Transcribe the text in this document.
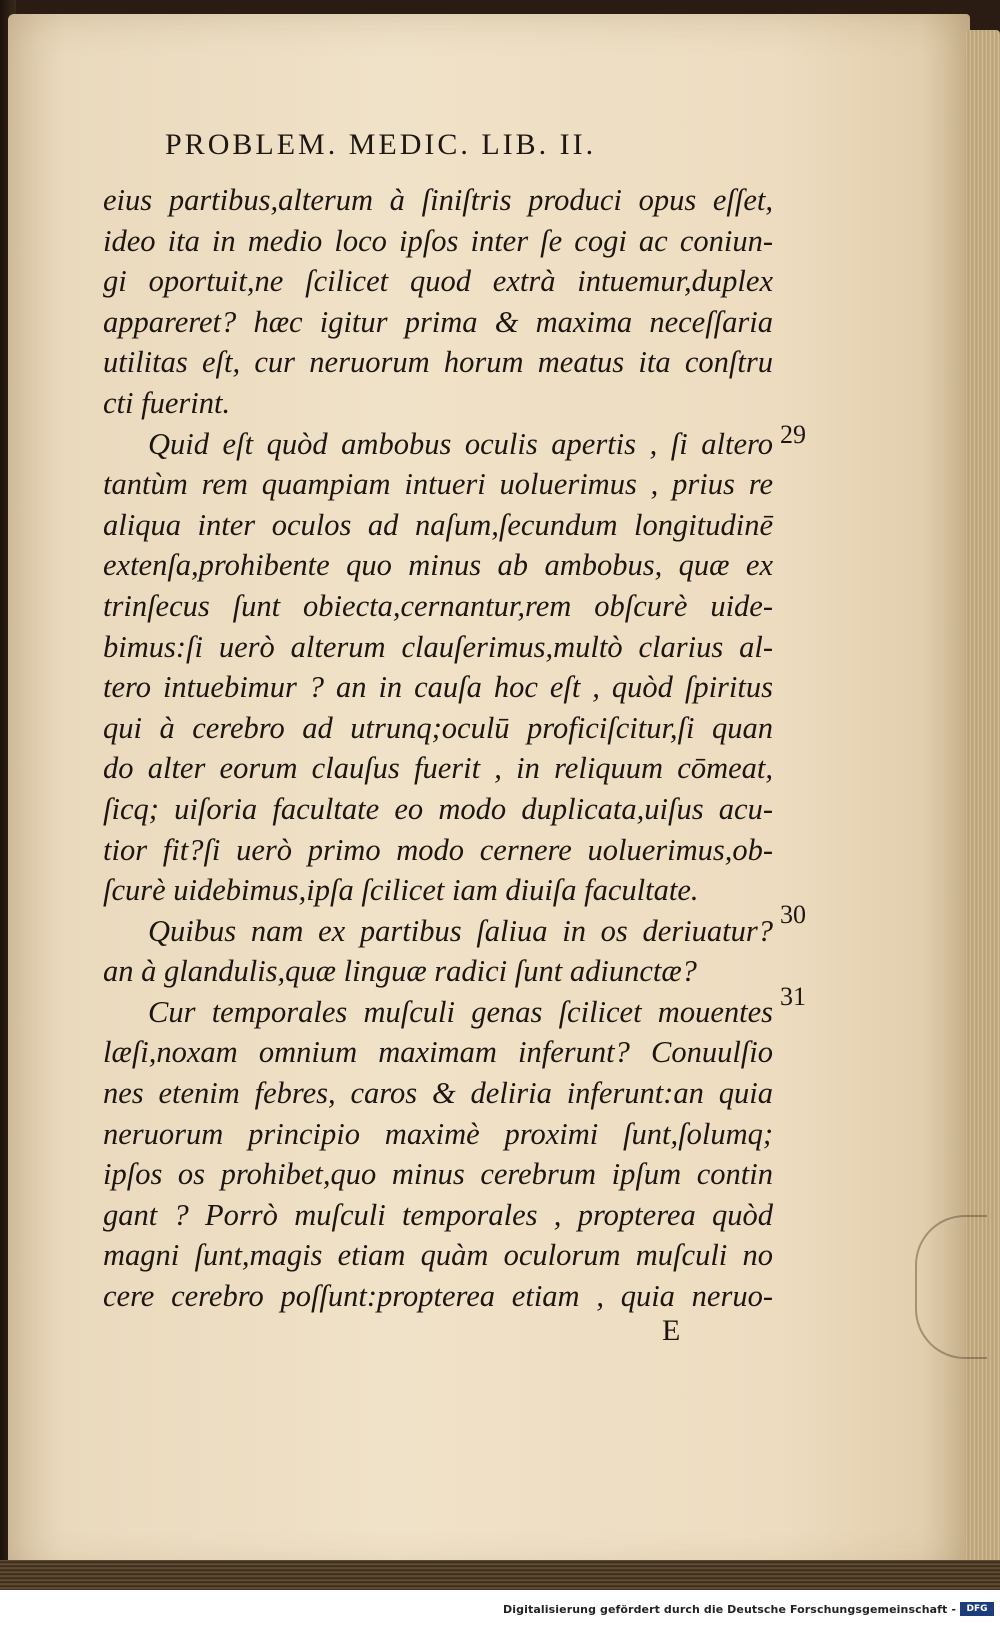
PROBLEM. MEDIC. LIB. II.
eius partibus,alterum à ſiniſtris produci opus eſſet,
ideo ita in medio loco ipſos inter ſe cogi ac coniun-
gi oportuit,ne ſcilicet quod extrà intuemur,duplex
appareret? hæc igitur prima & maxima neceſſaria
utilitas eſt, cur neruorum horum meatus ita conſtru
cti fuerint.
Quid eſt quòd ambobus oculis apertis , ſi altero
tantùm rem quampiam intueri uoluerimus , prius re
aliqua inter oculos ad naſum,ſecundum longitudinē
extenſa,prohibente quo minus ab ambobus, quæ ex
trinſecus ſunt obiecta,cernantur,rem obſcurè uide-
bimus:ſi uerò alterum clauſerimus,multò clarius al-
tero intuebimur ? an in cauſa hoc eſt , quòd ſpiritus
qui à cerebro ad utrunq;oculū proficiſcitur,ſi quan
do alter eorum clauſus fuerit , in reliquum cōmeat,
ſicq; uiſoria facultate eo modo duplicata,uiſus acu-
tior fit?ſi uerò primo modo cernere uoluerimus,ob-
ſcurè uidebimus,ipſa ſcilicet iam diuiſa facultate.
Quibus nam ex partibus ſaliua in os deriuatur?
an à glandulis,quæ linguæ radici ſunt adiunctæ?
Cur temporales muſculi genas ſcilicet mouentes
læſi,noxam omnium maximam inferunt? Conuulſio
nes etenim febres, caros & deliria inferunt:an quia
neruorum principio maximè proximi ſunt,ſolumq;
ipſos os prohibet,quo minus cerebrum ipſum contin
gant ? Porrò muſculi temporales , propterea quòd
magni ſunt,magis etiam quàm oculorum muſculi no
cere cerebro poſſunt:propterea etiam , quia neruo-
29
30
31
E
Digitalisierung gefördert durch die Deutsche Forschungsgemeinschaft -	DFG
